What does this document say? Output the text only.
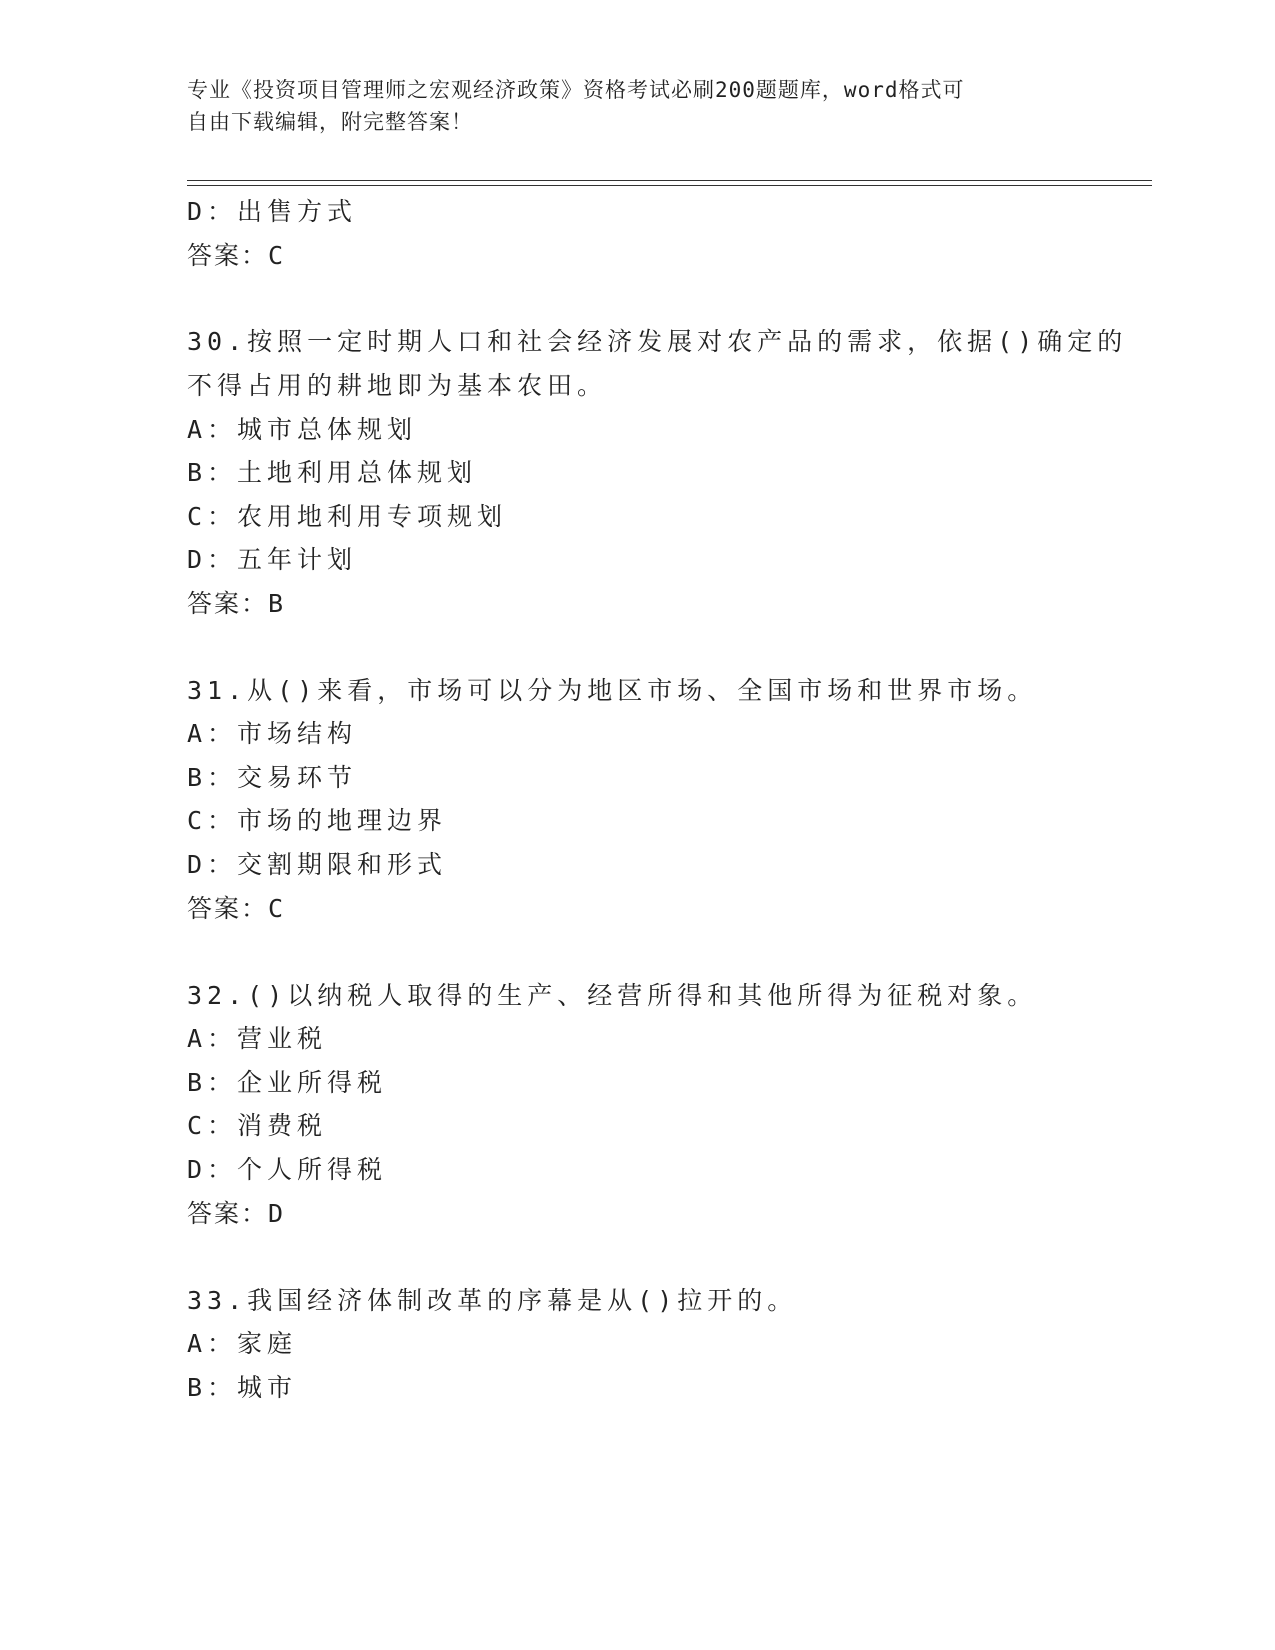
专业《投资项目管理师之宏观经济政策》资格考试必刷200题题库，word格式可
自由下载编辑，附完整答案！
D：出售方式
答案：C
30.按照一定时期人口和社会经济发展对农产品的需求，依据()确定的
不得占用的耕地即为基本农田。
A：城市总体规划
B：土地利用总体规划
C：农用地利用专项规划
D：五年计划
答案：B
31.从()来看，市场可以分为地区市场、全国市场和世界市场。
A：市场结构
B：交易环节
C：市场的地理边界
D：交割期限和形式
答案：C
32.()以纳税人取得的生产、经营所得和其他所得为征税对象。
A：营业税
B：企业所得税
C：消费税
D：个人所得税
答案：D
33.我国经济体制改革的序幕是从()拉开的。
A：家庭
B：城市
